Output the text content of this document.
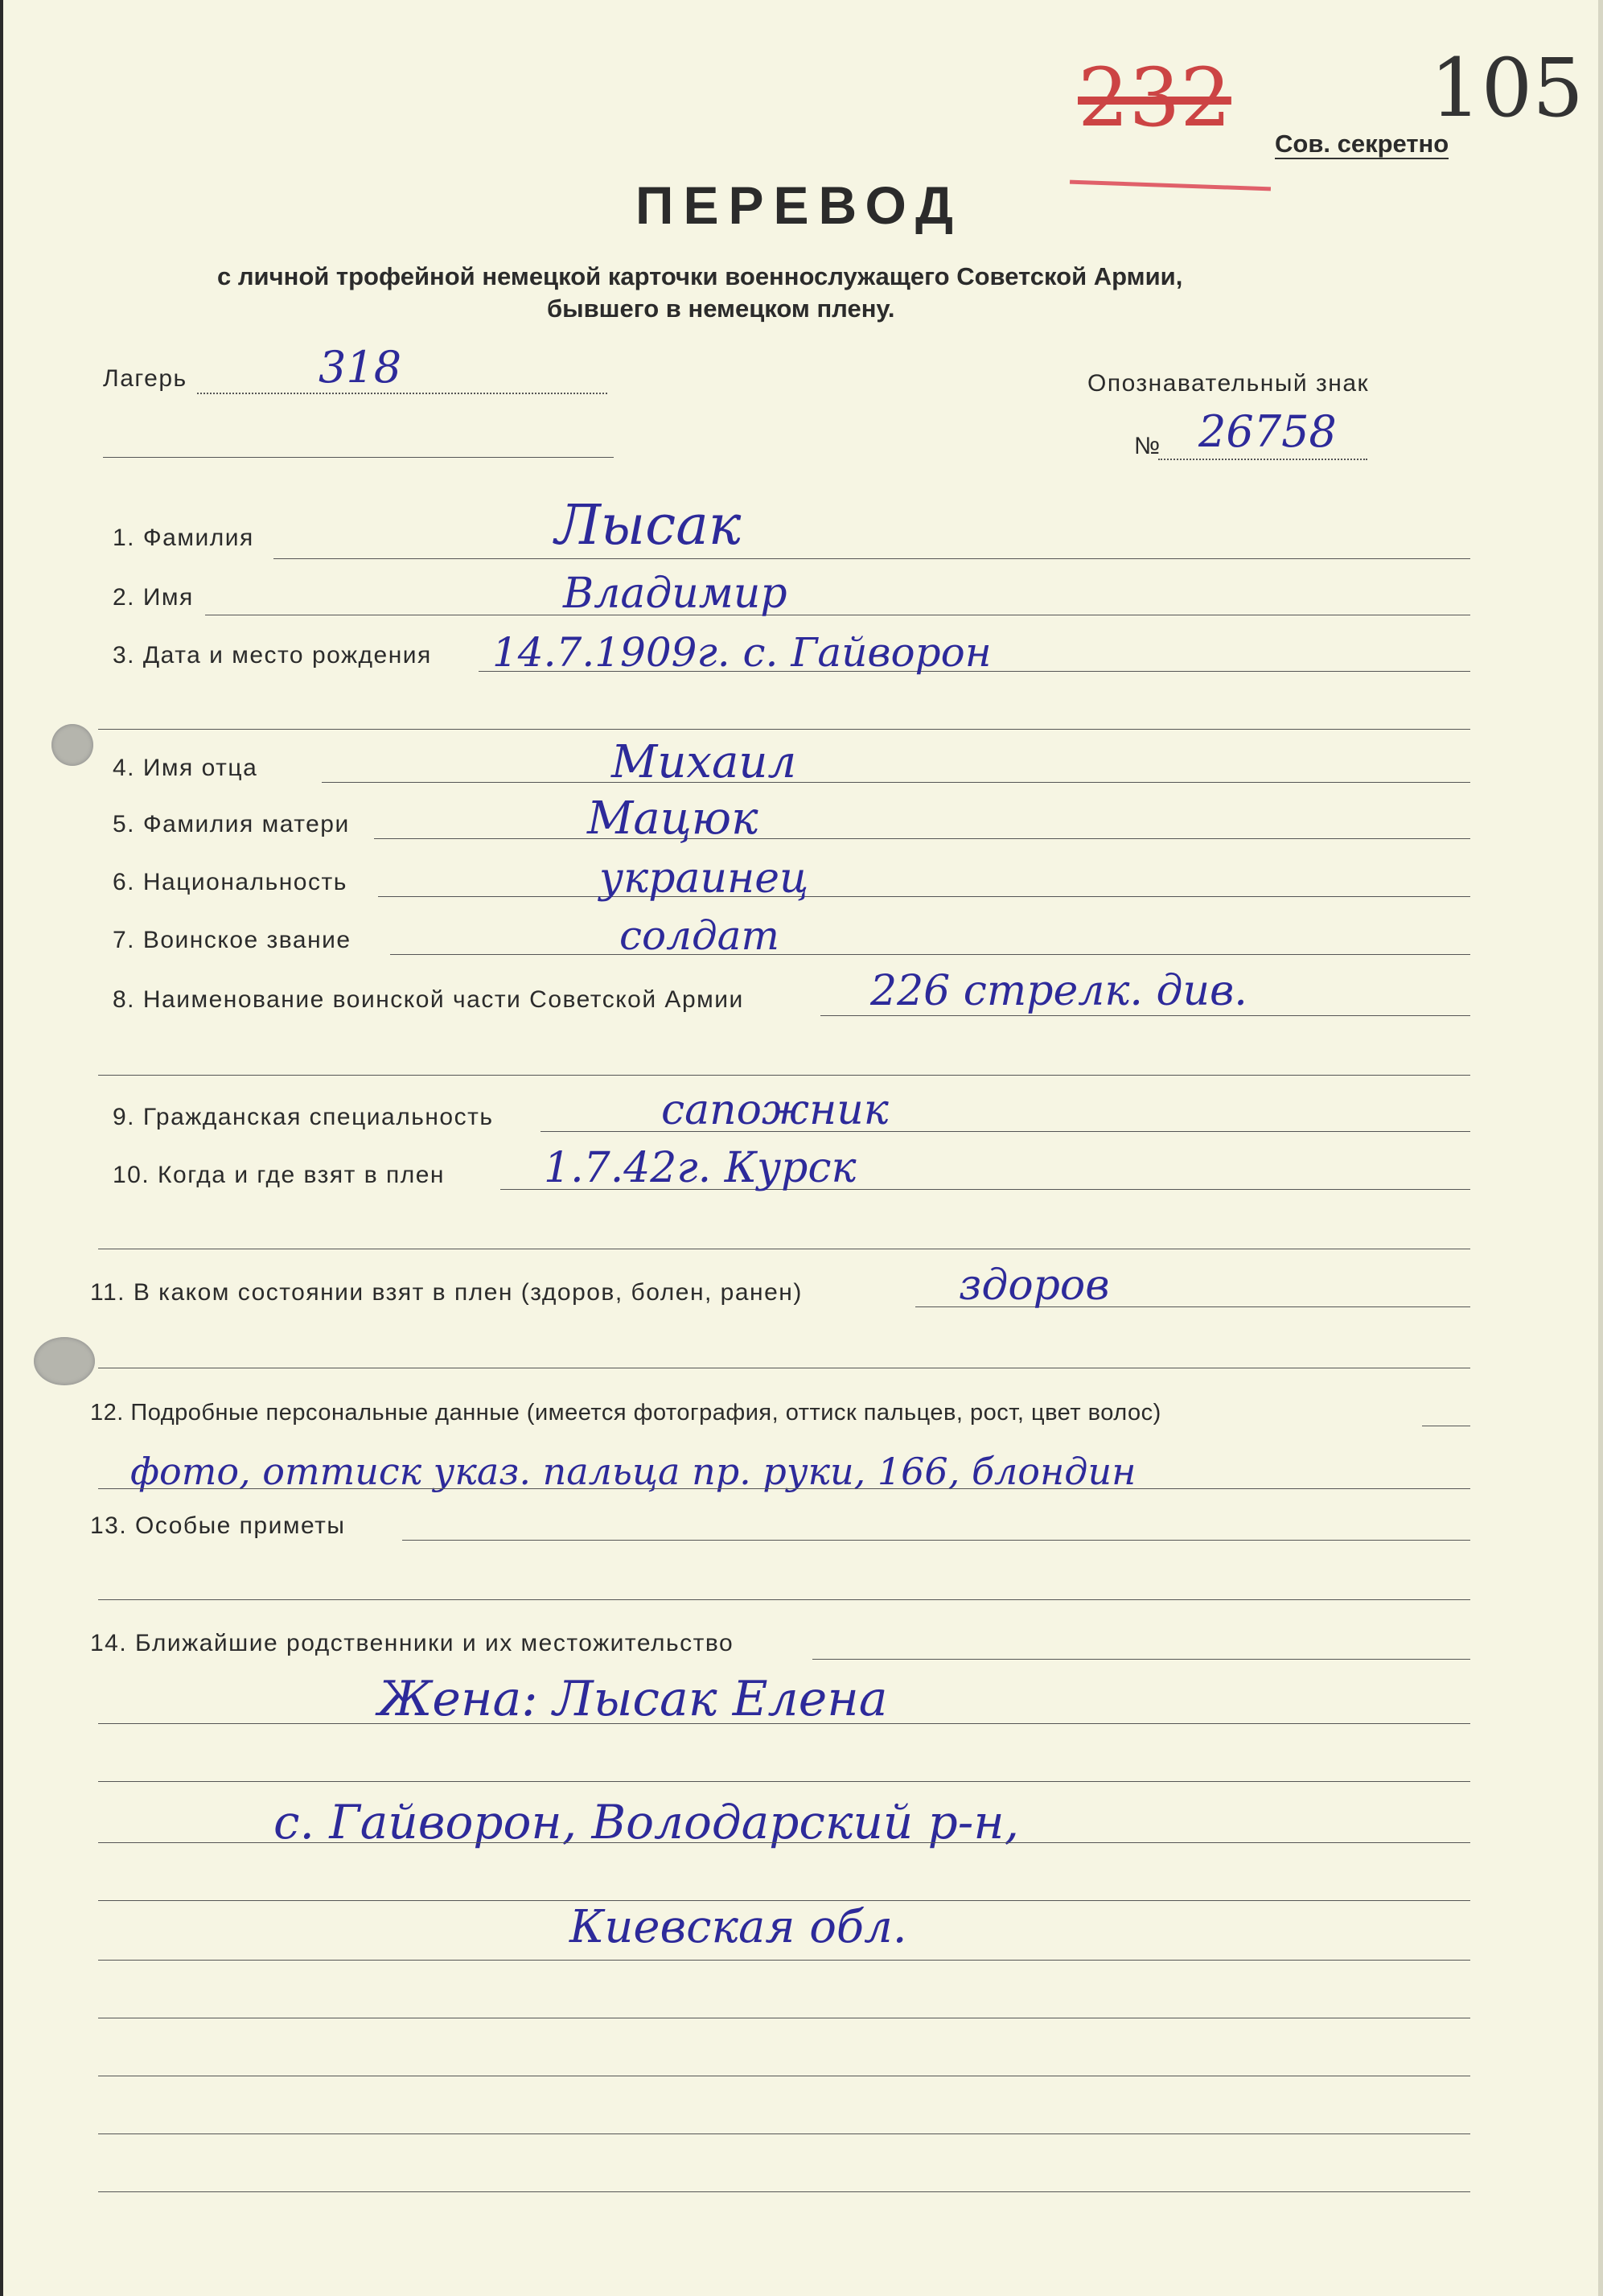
232 105
Сов. секретно
ПЕРЕВОД
с личной трофейной немецкой карточки военнослужащего Советской Армии,
бывшего в немецком плену.
Лагерь	318	Опознавательный знак
№ 26758
1. Фамилия	Лысак
2. Имя	Владимир
3. Дата и место рождения 14.7.1909г. с. Гайворон
4. Имя отца	Михаил
5. Фамилия матери	Мацюк
6. Национальность	украинец
7. Воинское звание	солдат
8. Наименование воинской части Советской Армии	226 стрелк. див.
9. Гражданская специальность	сапожник
10. Когда и где взят в плен 1.7.42г. Курск
11. В каком состоянии взят в плен (здоров, болен, ранен)	здоров
12. Подробные персональные данные (имеется фотография, оттиск пальцев, рост, цвет волос)
фото, оттиск указ. пальца пр. руки, 166, блондин
13. Особые приметы
14. Ближайшие родственники и их местожительство
Жена: Лысак Елена
с. Гайворон, Володарский р-н,
Киевская обл.
